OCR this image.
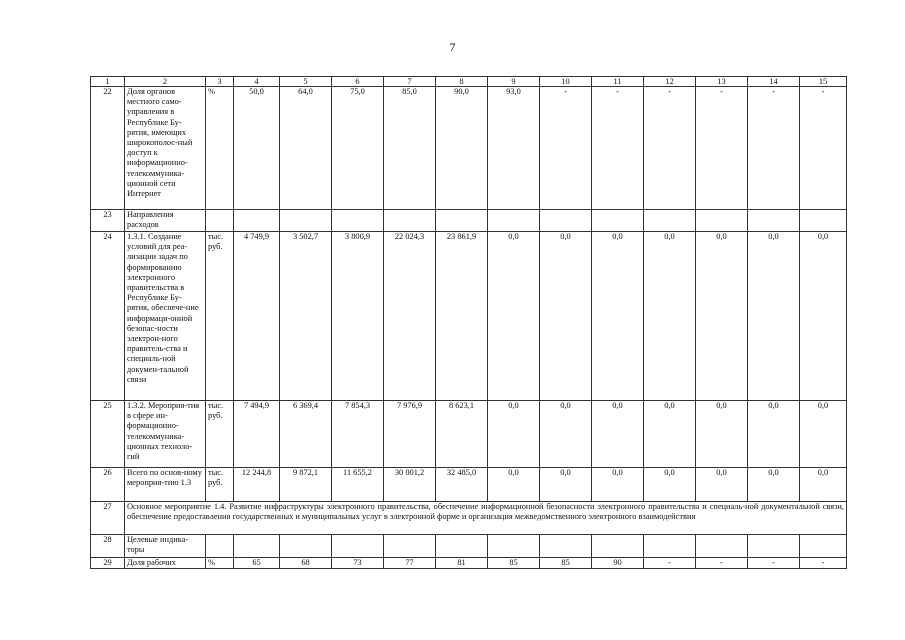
7
1	2	3	4	5	6	7	8	9	10	11	12	13	14	15
22	Доля органов местного само-управления в Республике Бу-рятия, имеющих широкополос-ный доступ к информационно-телекоммуника-ционной сети Интернет	%	50,0	64,0	75,0	85,0	90,0	93,0	-	-	-	-	-	-
23	Направления расходов													
24	1.3.1. Создание условий для реа-лизации задач по формированию электронного правительства в Республике Бу-рятия, обеспече-ние информаци-онной безопас-ности электрон-ного правитель-ства и специаль-ной докумен-тальной связи	тыс. руб.	4 749,9	3 502,7	3 800,9	22 024,3	23 861,9	0,0	0,0	0,0	0,0	0,0	0,0	0,0
25	1.3.2. Мероприя-тия в сфере ин-формационно-телекоммуника-ционных техноло-гий	тыс. руб.	7 494,9	6 369,4	7 854,3	7 976,9	8 623,1	0,0	0,0	0,0	0,0	0,0	0,0	0,0
26	Всего по основ-ному мероприя-тию 1.3	тыс. руб.	12 244,8	9 872,1	11 655,2	30 001,2	32 485,0	0,0	0,0	0,0	0,0	0,0	0,0	0,0
27	Основное мероприятие 1.4. Развитие инфраструктуры электронного правительства, обеспечение информационной безопасности электронного правительства и специаль-ной документальной связи, обеспечение предоставления государственных и муниципальных услуг в электронной форме и организация межведомственного электронного взаимодействия													
28	Целевые индика-торы													
29	Доля рабочих	%	65	68	73	77	81	85	85	90	-	-	-	-
